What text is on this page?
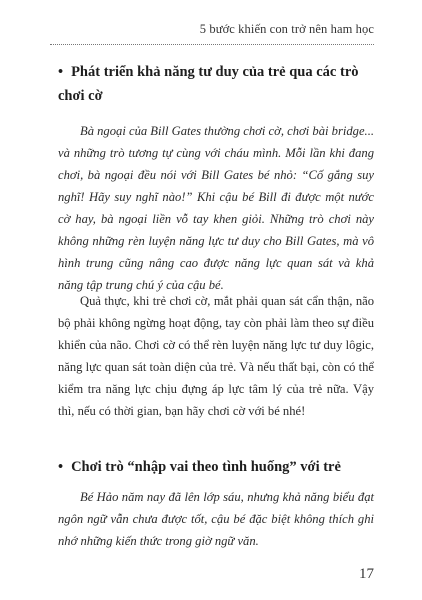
5 bước khiến con trở nên ham học
• Phát triển khả năng tư duy của trẻ qua các trò chơi cờ

Bà ngoại của Bill Gates thường chơi cờ, chơi bài bridge... và những trò tương tự cùng với cháu mình. Mỗi lần khi đang chơi, bà ngoại đều nói với Bill Gates bé nhỏ: “Cố gắng suy nghĩ! Hãy suy nghĩ nào!” Khi cậu bé Bill đi được một nước cờ hay, bà ngoại liền vỗ tay khen giỏi. Những trò chơi này không những rèn luyện năng lực tư duy cho Bill Gates, mà vô hình trung cũng nâng cao được năng lực quan sát và khả năng tập trung chú ý của cậu bé.

Quả thực, khi trẻ chơi cờ, mắt phải quan sát cẩn thận, não bộ phải không ngừng hoạt động, tay còn phải làm theo sự điều khiển của não. Chơi cờ có thể rèn luyện năng lực tư duy lôgic, năng lực quan sát toàn diện của trẻ. Và nếu thất bại, còn có thể kiểm tra năng lực chịu đựng áp lực tâm lý của trẻ nữa. Vậy thì, nếu có thời gian, bạn hãy chơi cờ với bé nhé!

• Chơi trò “nhập vai theo tình huống” với trẻ

Bé Hảo năm nay đã lên lớp sáu, nhưng khả năng biểu đạt ngôn ngữ vẫn chưa được tốt, cậu bé đặc biệt không thích ghi nhớ những kiến thức trong giờ ngữ văn.

17
